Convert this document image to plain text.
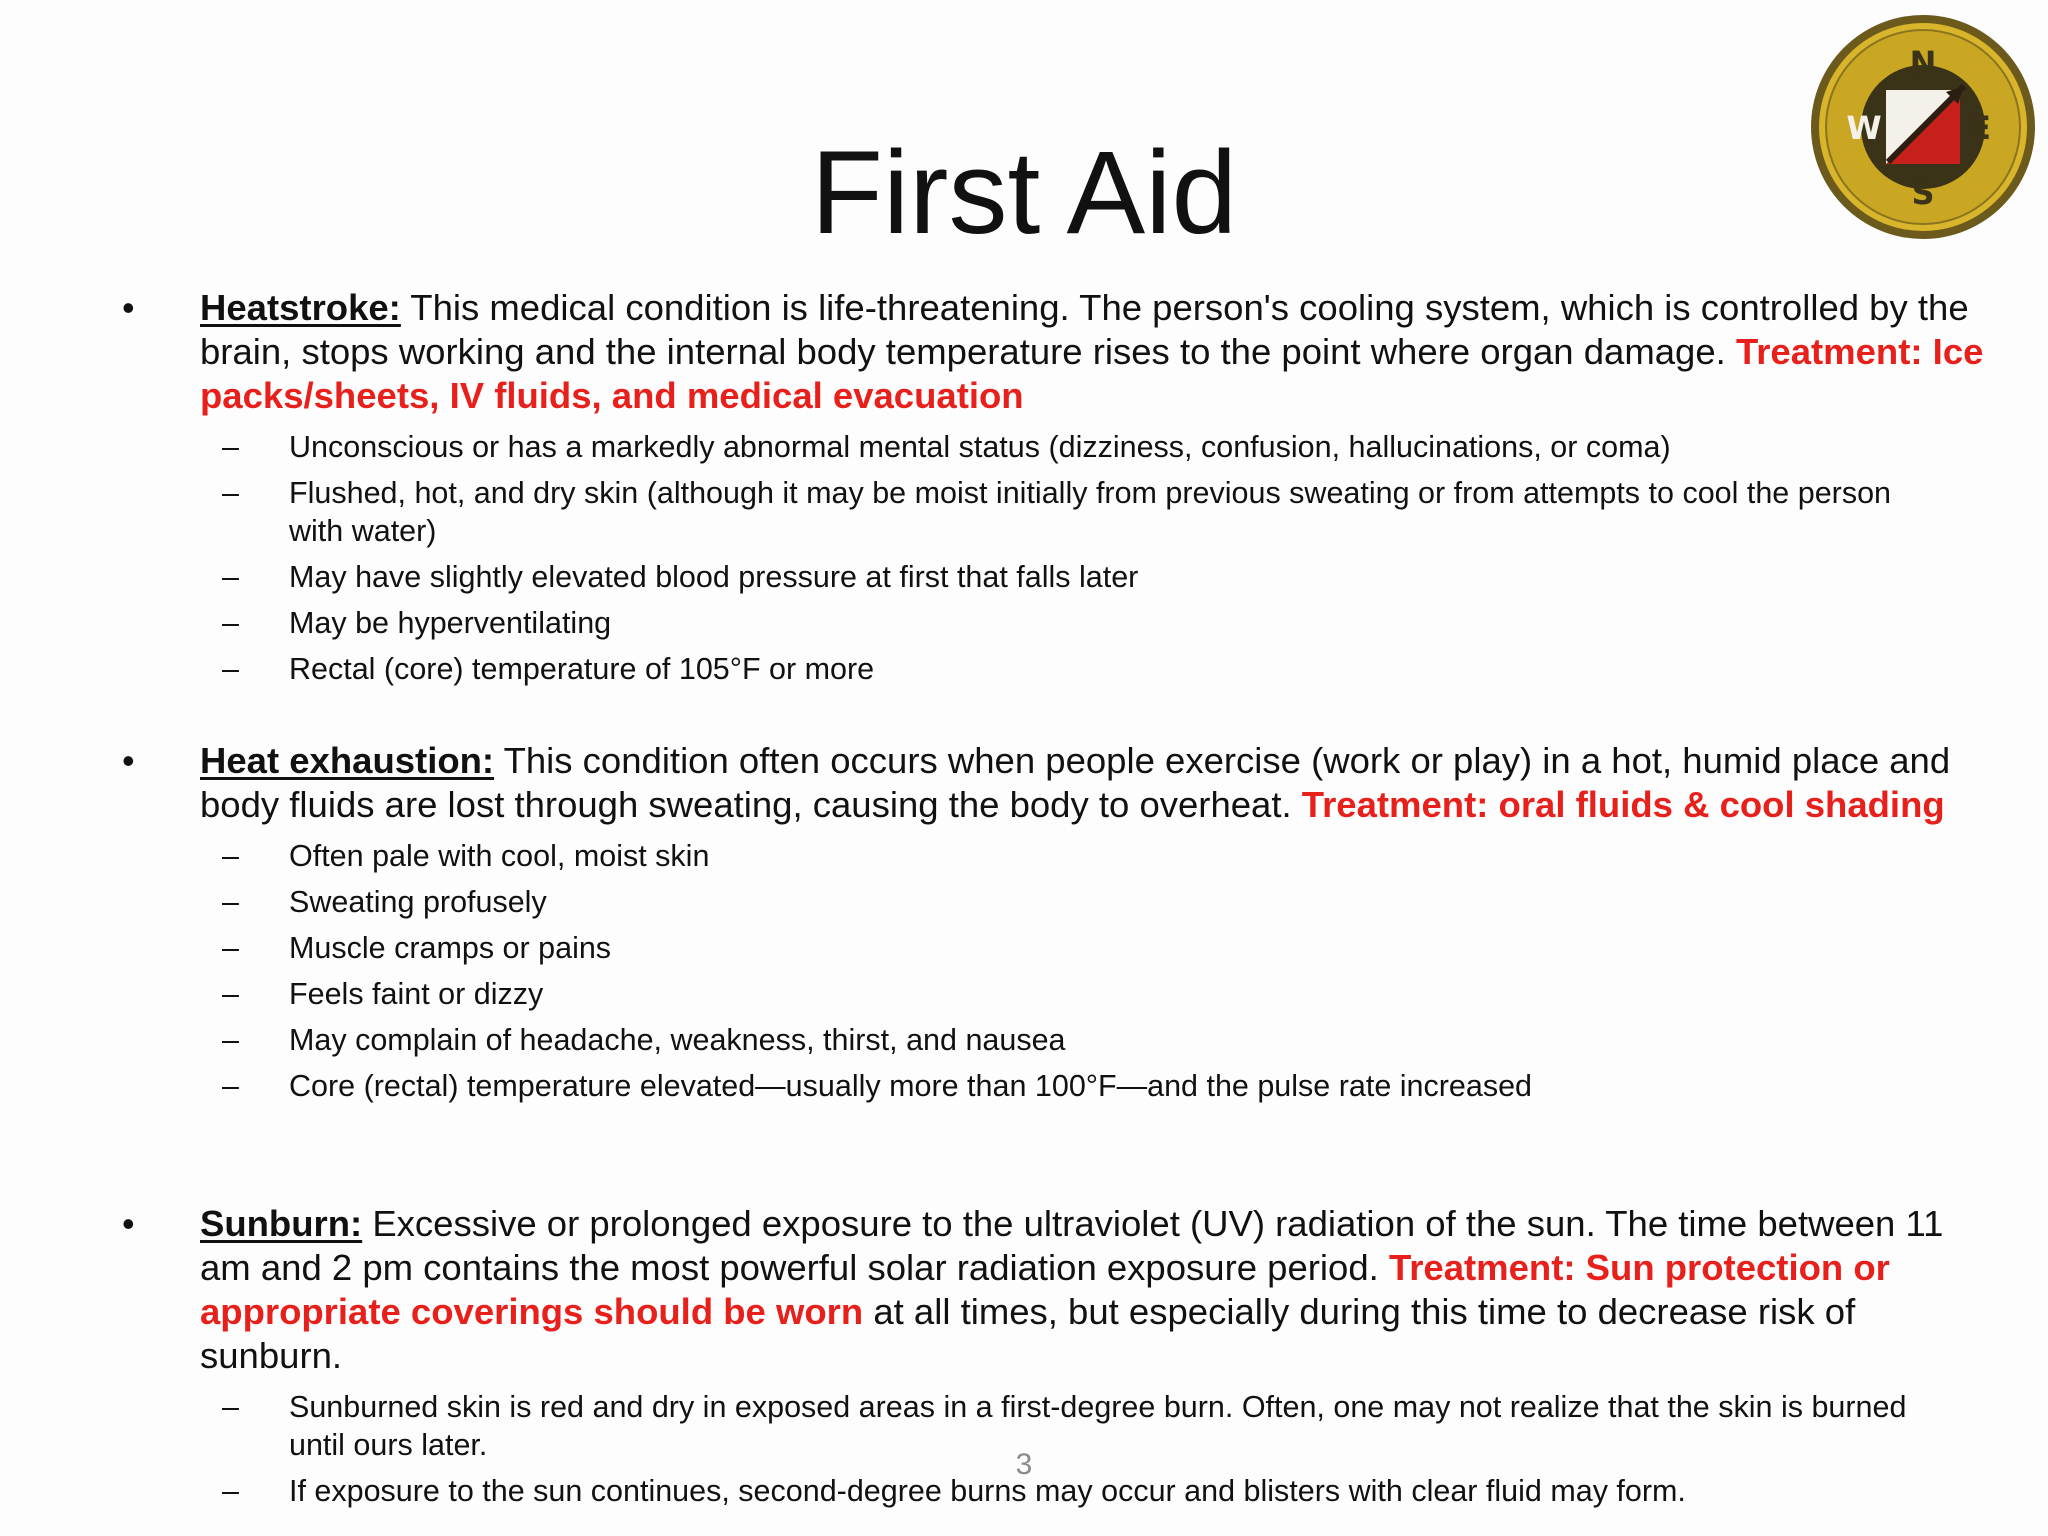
First Aid
N
E
S
W
• Heatstroke: This medical condition is life-threatening. The person's cooling system, which is controlled by the brain, stops working and the internal body temperature rises to the point where organ damage. Treatment: Ice packs/sheets, IV fluids, and medical evacuation
– Unconscious or has a markedly abnormal mental status (dizziness, confusion, hallucinations, or coma)
– Flushed, hot, and dry skin (although it may be moist initially from previous sweating or from attempts to cool the person with water)
– May have slightly elevated blood pressure at first that falls later
– May be hyperventilating
– Rectal (core) temperature of 105°F or more
• Heat exhaustion: This condition often occurs when people exercise (work or play) in a hot, humid place and body fluids are lost through sweating, causing the body to overheat. Treatment: oral fluids & cool shading
– Often pale with cool, moist skin
– Sweating profusely
– Muscle cramps or pains
– Feels faint or dizzy
– May complain of headache, weakness, thirst, and nausea
– Core (rectal) temperature elevated—usually more than 100°F—and the pulse rate increased
• Sunburn: Excessive or prolonged exposure to the ultraviolet (UV) radiation of the sun. The time between 11 am and 2 pm contains the most powerful solar radiation exposure period. Treatment: Sun protection or appropriate coverings should be worn at all times, but especially during this time to decrease risk of sunburn.
– Sunburned skin is red and dry in exposed areas in a first-degree burn. Often, one may not realize that the skin is burned until ours later.
– If exposure to the sun continues, second-degree burns may occur and blisters with clear fluid may form.
3
